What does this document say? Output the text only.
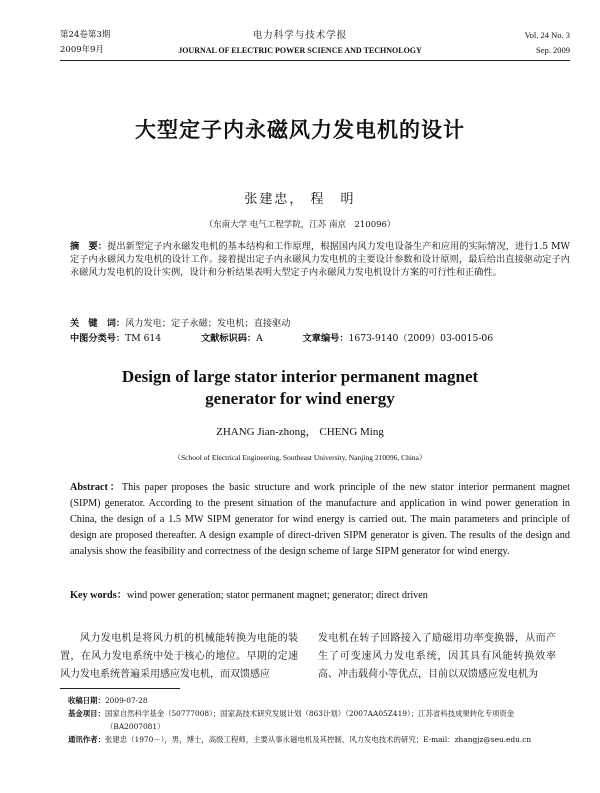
第24卷第3期
2009年9月
电力科学与技术学报
JOURNAL OF ELECTRIC POWER SCIENCE AND TECHNOLOGY
Vol. 24 No. 3
Sep. 2009
大型定子内永磁风力发电机的设计
张建忠， 程　明
（东南大学 电气工程学院，江苏 南京　210096）
摘　要：提出新型定子内永磁发电机的基本结构和工作原理，根据国内风力发电设备生产和应用的实际情况，进行1.5 MW定子内永磁风力发电机的设计工作。接着提出定子内永磁风力发电机的主要设计参数和设计原则，最后给出直接驱动定子内永磁风力发电机的设计实例，设计和分析结果表明大型定子内永磁风力发电机设计方案的可行性和正确性。
关　键　词：风力发电；定子永磁；发电机；直接驱动
中图分类号：TM 614	文献标识码：A	文章编号：1673-9140（2009）03-0015-06
Design of large stator interior permanent magnet
generator for wind energy
ZHANG Jian-zhong， CHENG Ming
（School of Electrical Engineering, Southeast University, Nanjing 210096, China）
Abstract：This paper proposes the basic structure and work principle of the new stator interior permanent magnet (SIPM) generator. According to the present situation of the manufacture and application in wind power generation in China, the design of a 1.5 MW SIPM generator for wind energy is carried out. The main parameters and principle of design are proposed thereafter. A design example of direct-driven SIPM generator is given. The results of the design and analysis show the feasibility and correctness of the design scheme of large SIPM generator for wind energy.
Key words：wind power generation; stator permanent magnet; generator; direct driven
风力发电机是将风力机的机械能转换为电能的装置，在风力发电系统中处于核心的地位。早期的定速风力发电系统普遍采用感应发电机，而双馈感应
发电机在转子回路接入了励磁用功率变换器，从而产生了可变速风力发电系统，因其具有风能转换效率高、冲击载荷小等优点，目前以双馈感应发电机为
收稿日期：2009-07-28
基金项目：国家自然科学基金（50777008）；国家高技术研究发展计划（863计划）（2007AA05Z419）；江苏省科技成果转化专项资金
（BA2007081）
通讯作者：张建忠（1970－），男，博士，高级工程师，主要从事永磁电机及其控制、风力发电技术的研究；E-mail：zhangjz@seu.edu.cn
